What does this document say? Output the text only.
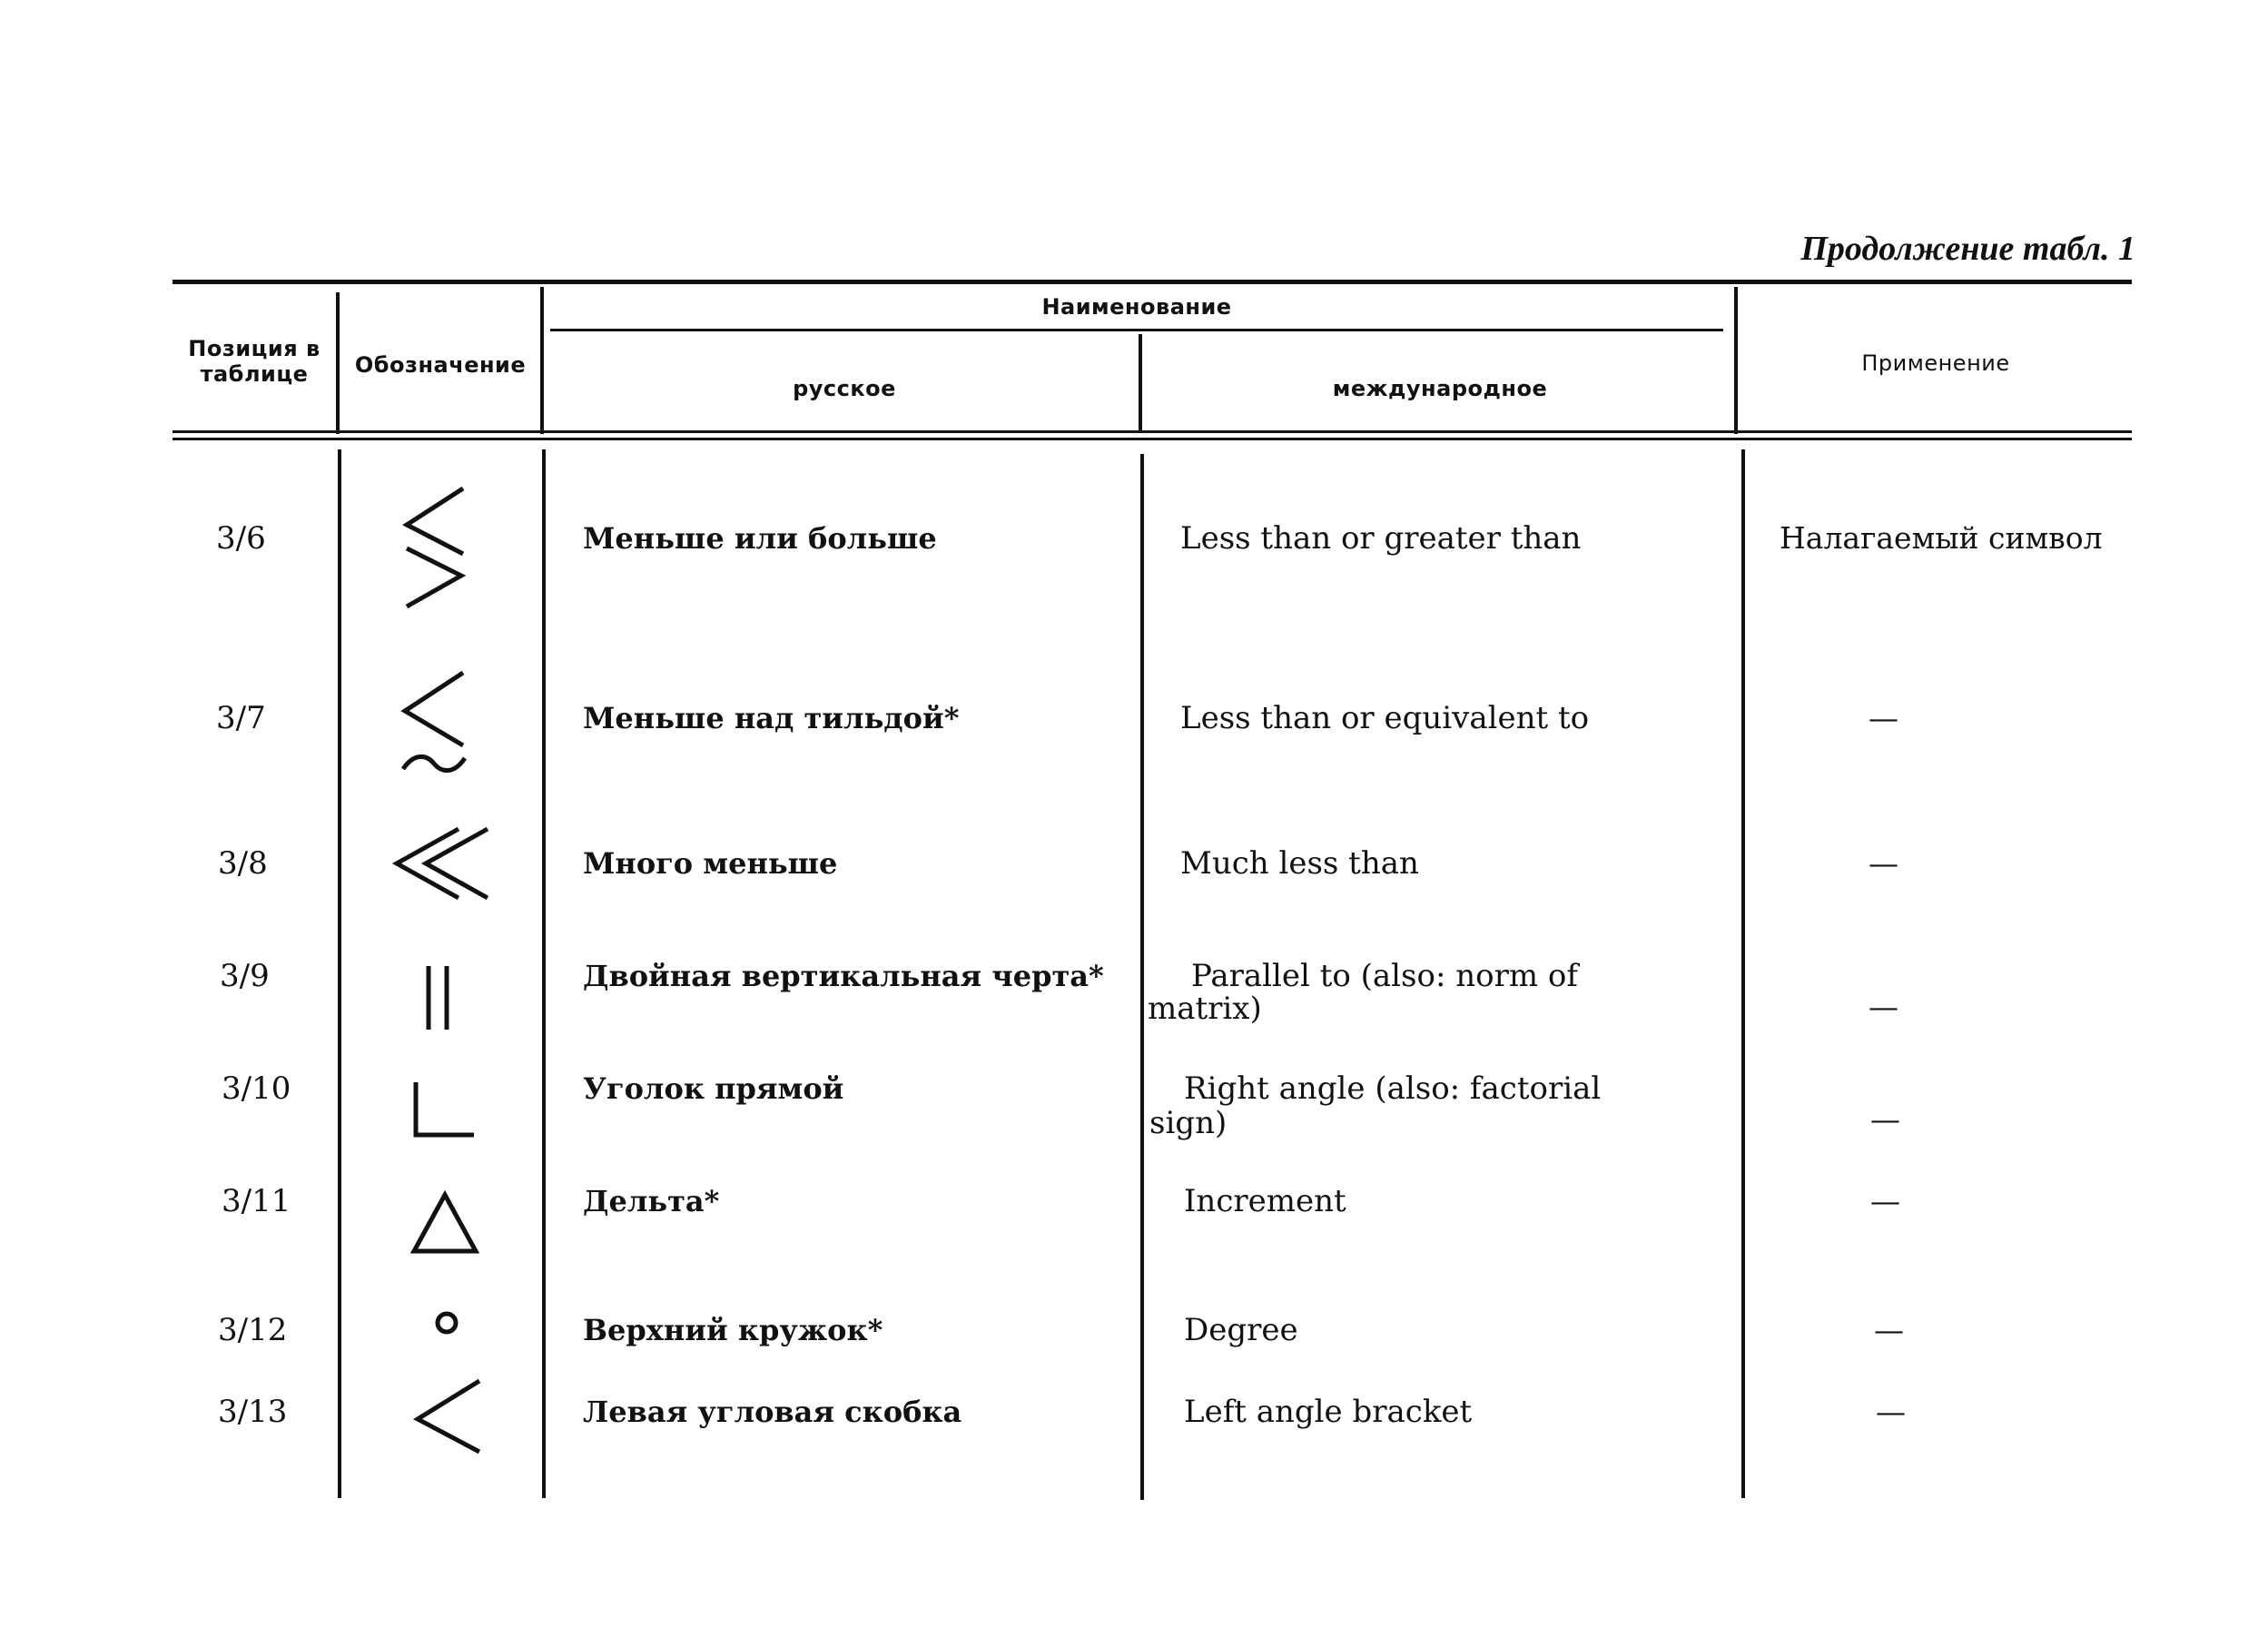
Продолжение табл. 1
Позиция в таблице	Обозначение
Наименование
русское	международное
Применение
3/6
3/7
3/8
3/9
3/10
3/11
3/12
3/13
Меньше или больше
Меньше над тильдой*
Много меньше
Двойная вертикальная черта*
Уголок прямой
Дельта*
Верхний кружок*
Левая угловая скобка
Less than or greater than
Less than or equivalent to
Much less than
Parallel to (also: norm of
matrix)
Right angle (also: factorial
sign)
Increment
Degree
Left angle bracket
Налагаемый символ
—
—
—
—
—
—
—
